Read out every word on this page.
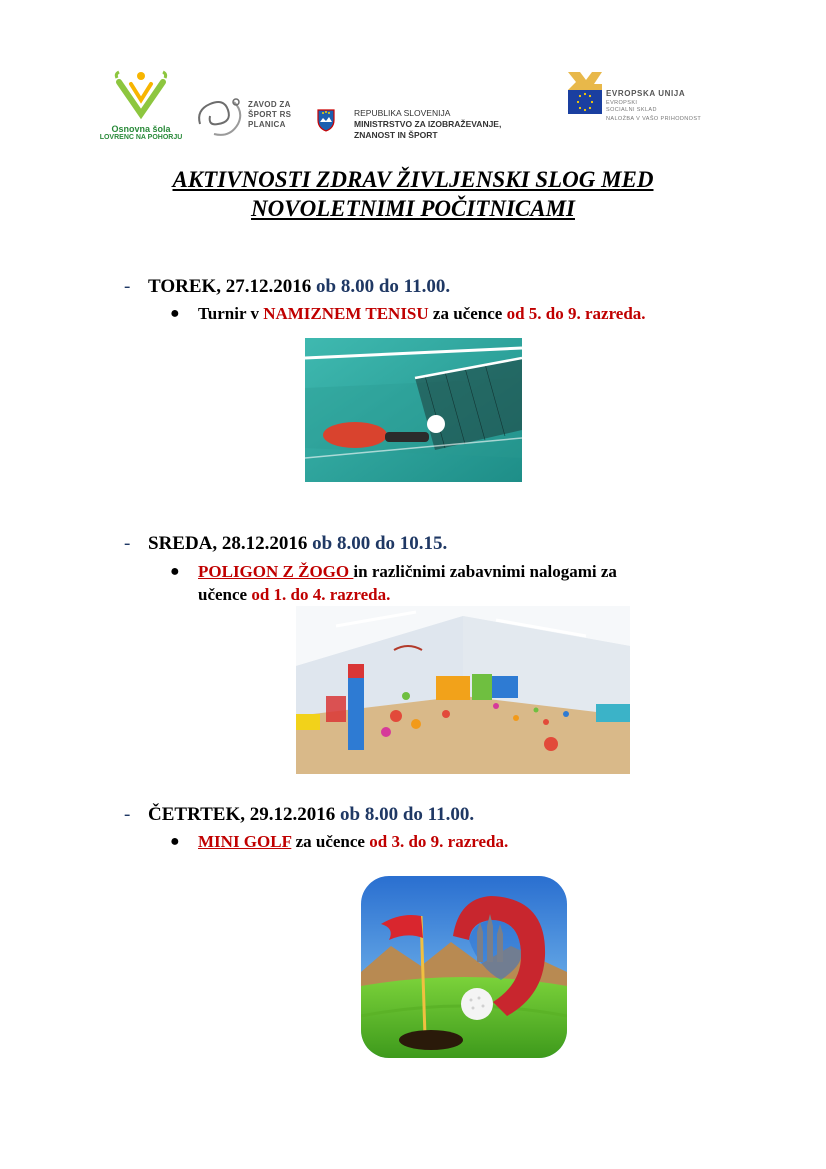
Osnovna šola
LOVRENC NA POHORJU
ZAVOD ZA
ŠPORT RS
PLANICA
REPUBLIKA SLOVENIJA
MINISTRSTVO ZA IZOBRAŽEVANJE,
ZNANOST IN ŠPORT
EVROPSKA UNIJA
EVROPSKI
SOCIALNI SKLAD
NALOŽBA V VAŠO PRIHODNOST
AKTIVNOSTI ZDRAV ŽIVLJENSKI SLOG MED
NOVOLETNIMI POČITNICAMI
- TOREK, 27.12.2016 ob 8.00 do 11.00.
●	Turnir v NAMIZNEM TENISU za učence od 5. do 9. razreda.
- SREDA, 28.12.2016 ob 8.00 do 10.15.
●	POLIGON Z ŽOGO in različnimi zabavnimi nalogami za
učence od 1. do 4. razreda.
- ČETRTEK, 29.12.2016 ob 8.00 do 11.00.
●	MINI GOLF za učence od 3. do 9. razreda.
